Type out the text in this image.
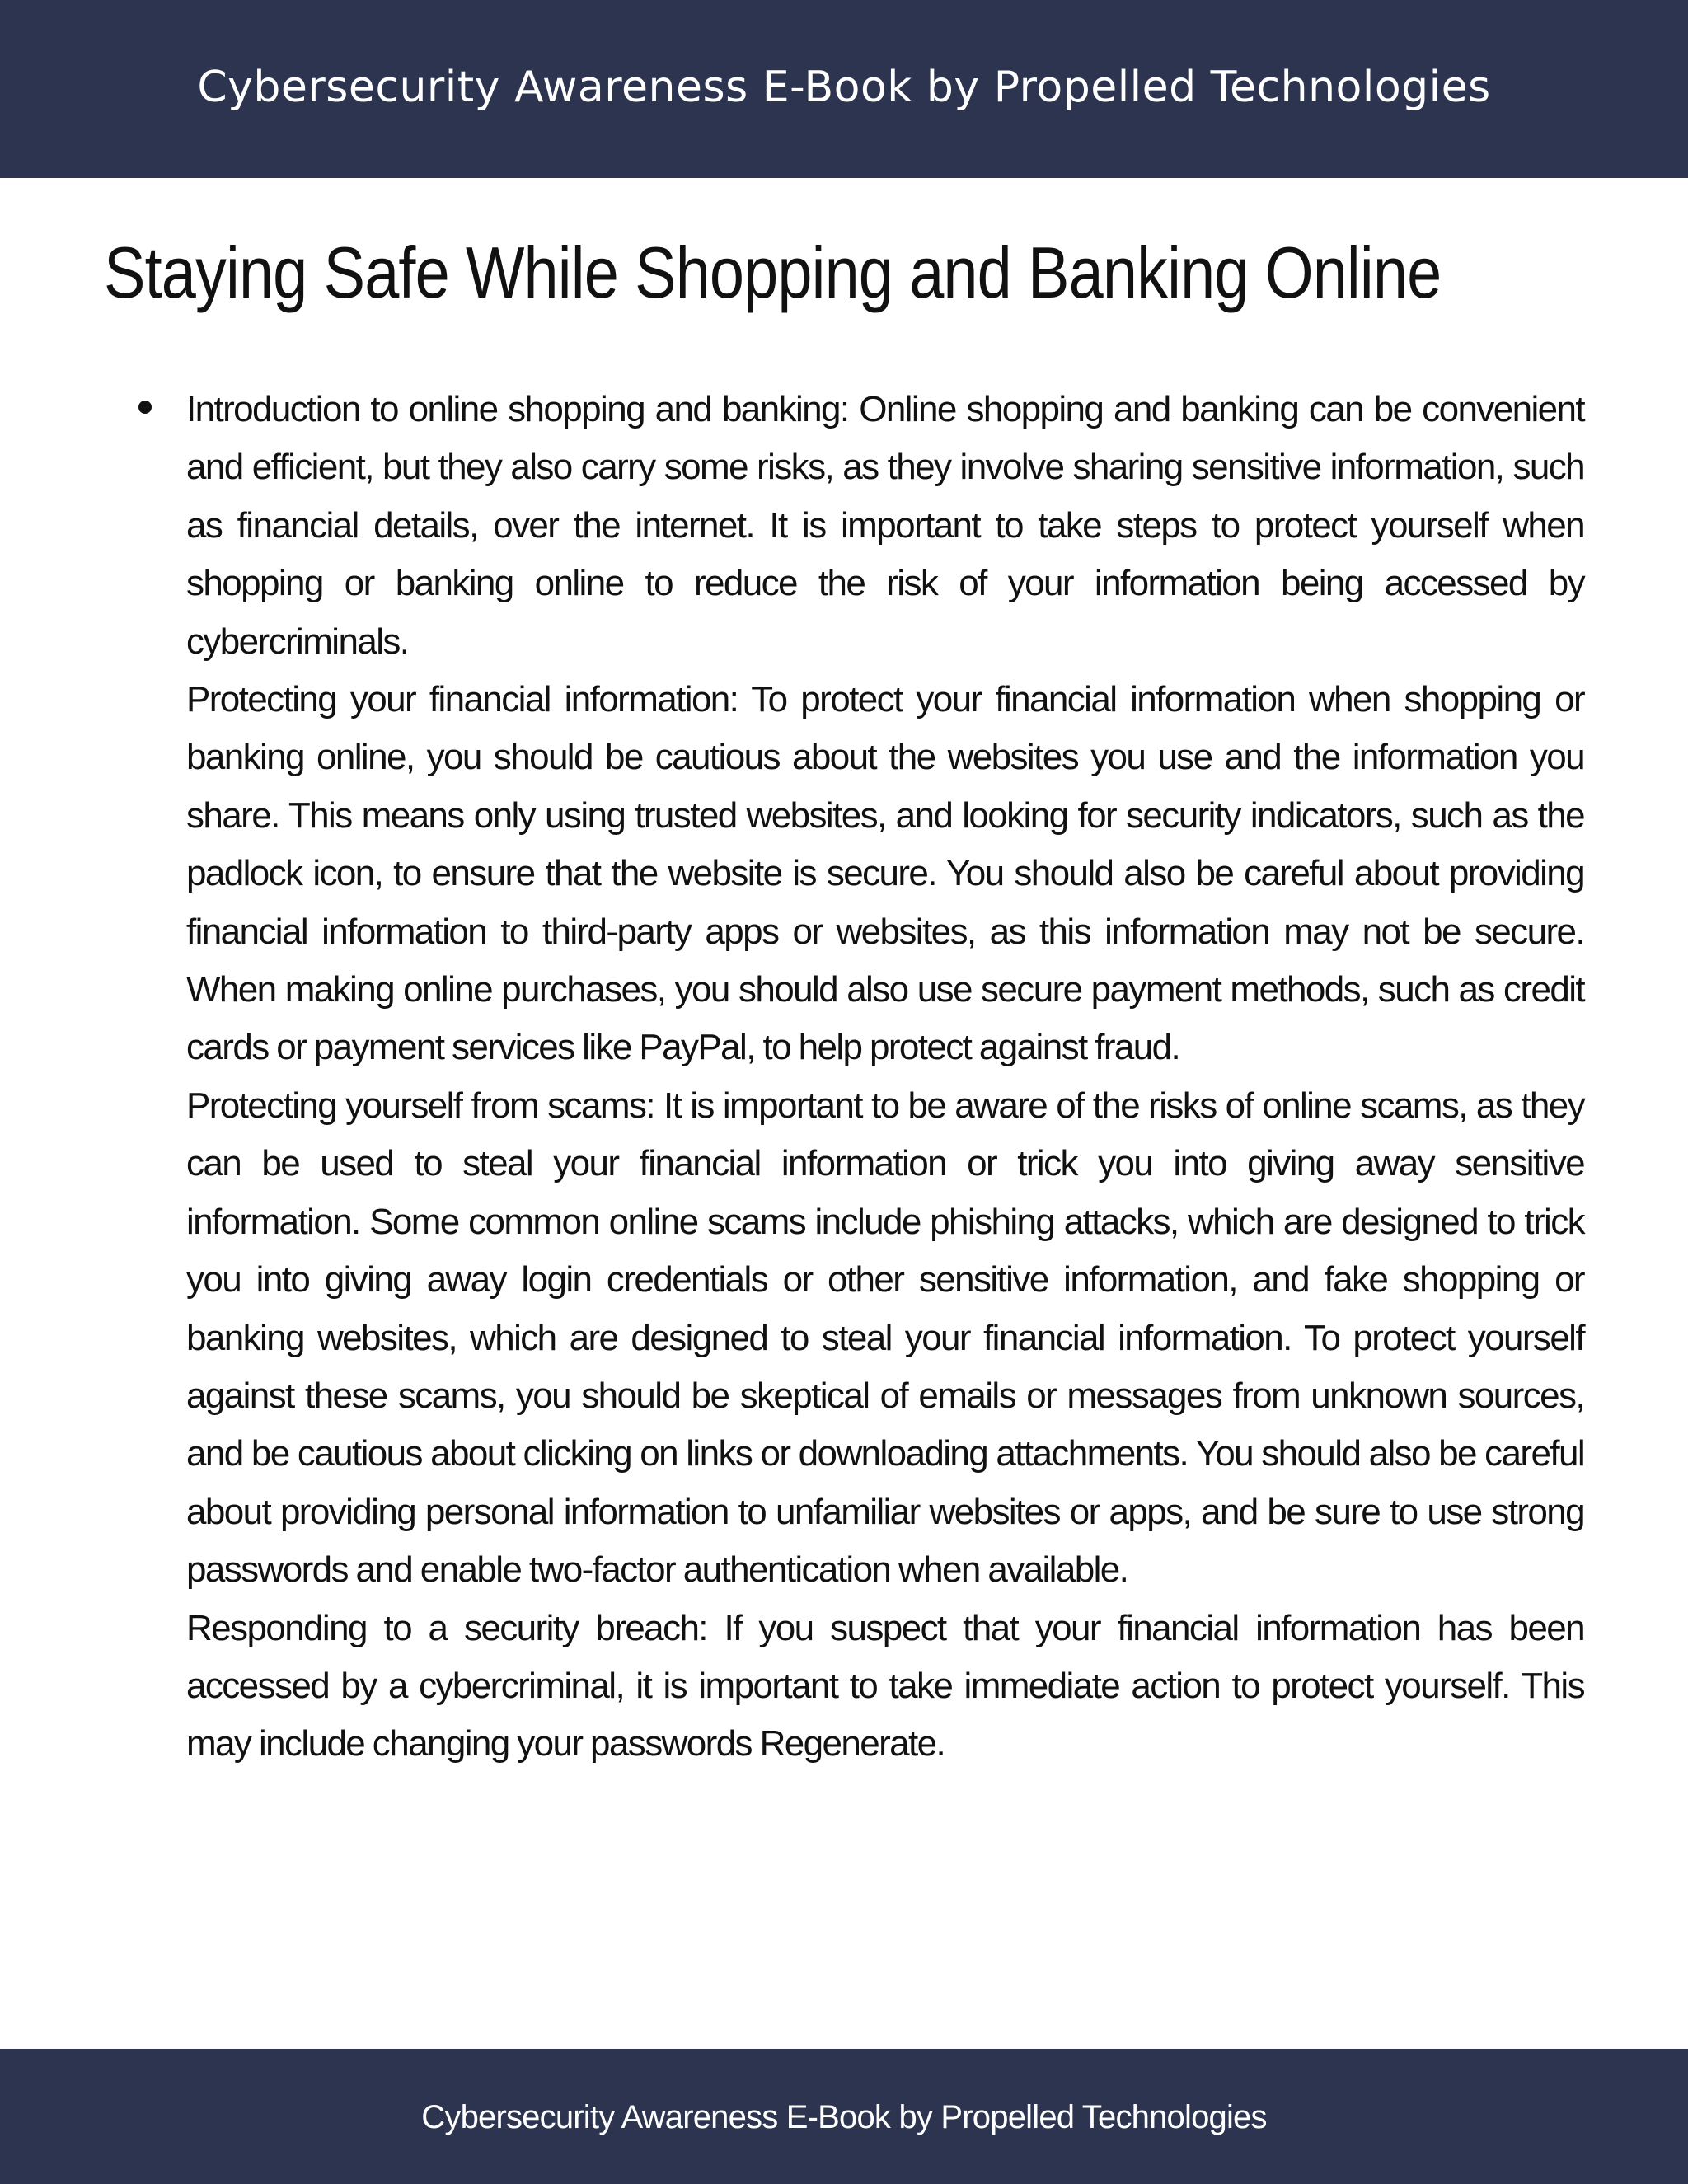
Cybersecurity Awareness E-Book by Propelled Technologies
Staying Safe While Shopping and Banking Online

Introduction to online shopping and banking: Online shopping and banking can be convenient and efficient, but they also carry some risks, as they involve sharing sensitive information, such as financial details, over the internet. It is important to take steps to protect yourself when shopping or banking online to reduce the risk of your information being accessed by cybercriminals.

Protecting your financial information: To protect your financial information when shopping or banking online, you should be cautious about the websites you use and the information you share. This means only using trusted websites, and looking for security indicators, such as the padlock icon, to ensure that the website is secure. You should also be careful about providing financial information to third-party apps or websites, as this information may not be secure. When making online purchases, you should also use secure payment methods, such as credit cards or payment services like PayPal, to help protect against fraud.

Protecting yourself from scams: It is important to be aware of the risks of online scams, as they can be used to steal your financial information or trick you into giving away sensitive information. Some common online scams include phishing attacks, which are designed to trick you into giving away login credentials or other sensitive information, and fake shopping or banking websites, which are designed to steal your financial information. To protect yourself against these scams, you should be skeptical of emails or messages from unknown sources, and be cautious about clicking on links or downloading attachments. You should also be careful about providing personal information to unfamiliar websites or apps, and be sure to use strong passwords and enable two-factor authentication when available.

Responding to a security breach: If you suspect that your financial information has been accessed by a cybercriminal, it is important to take immediate action to protect yourself. This may include changing your passwords Regenerate.

Cybersecurity Awareness E-Book by Propelled Technologies
